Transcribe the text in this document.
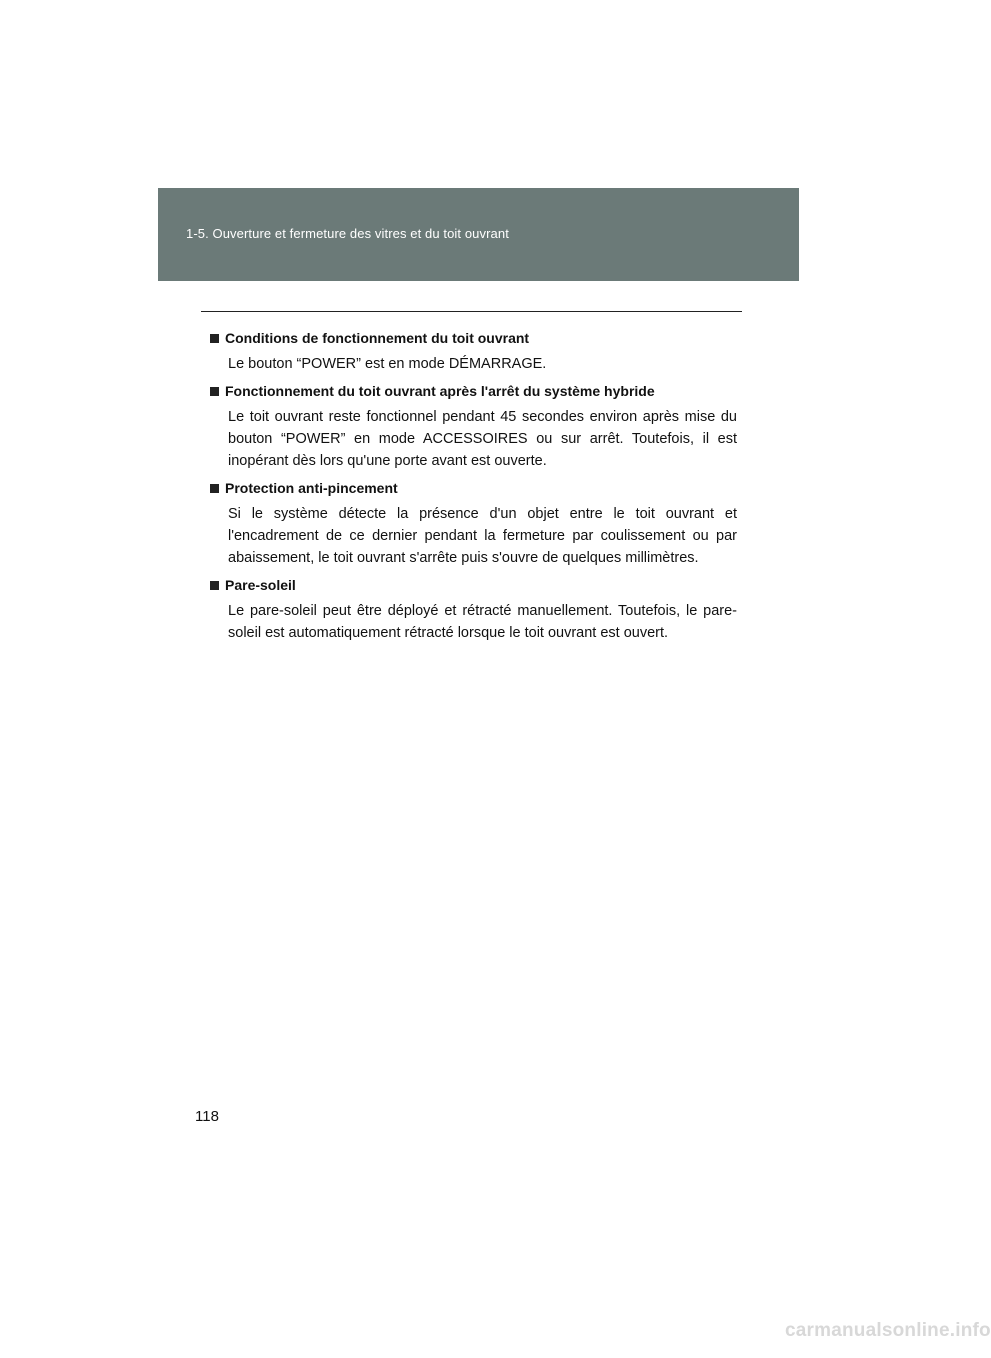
1-5. Ouverture et fermeture des vitres et du toit ouvrant

Conditions de fonctionnement du toit ouvrant

Le bouton “POWER” est en mode DÉMARRAGE.

Fonctionnement du toit ouvrant après l'arrêt du système hybride

Le toit ouvrant reste fonctionnel pendant 45 secondes environ après mise du bouton “POWER” en mode ACCESSOIRES ou sur arrêt. Toutefois, il est inopérant dès lors qu'une porte avant est ouverte.

Protection anti-pincement

Si le système détecte la présence d'un objet entre le toit ouvrant et l'encadrement de ce dernier pendant la fermeture par coulissement ou par abaissement, le toit ouvrant s'arrête puis s'ouvre de quelques millimètres.

Pare-soleil

Le pare-soleil peut être déployé et rétracté manuellement. Toutefois, le pare-soleil est automatiquement rétracté lorsque le toit ouvrant est ouvert.

118
carmanualsonline.info
